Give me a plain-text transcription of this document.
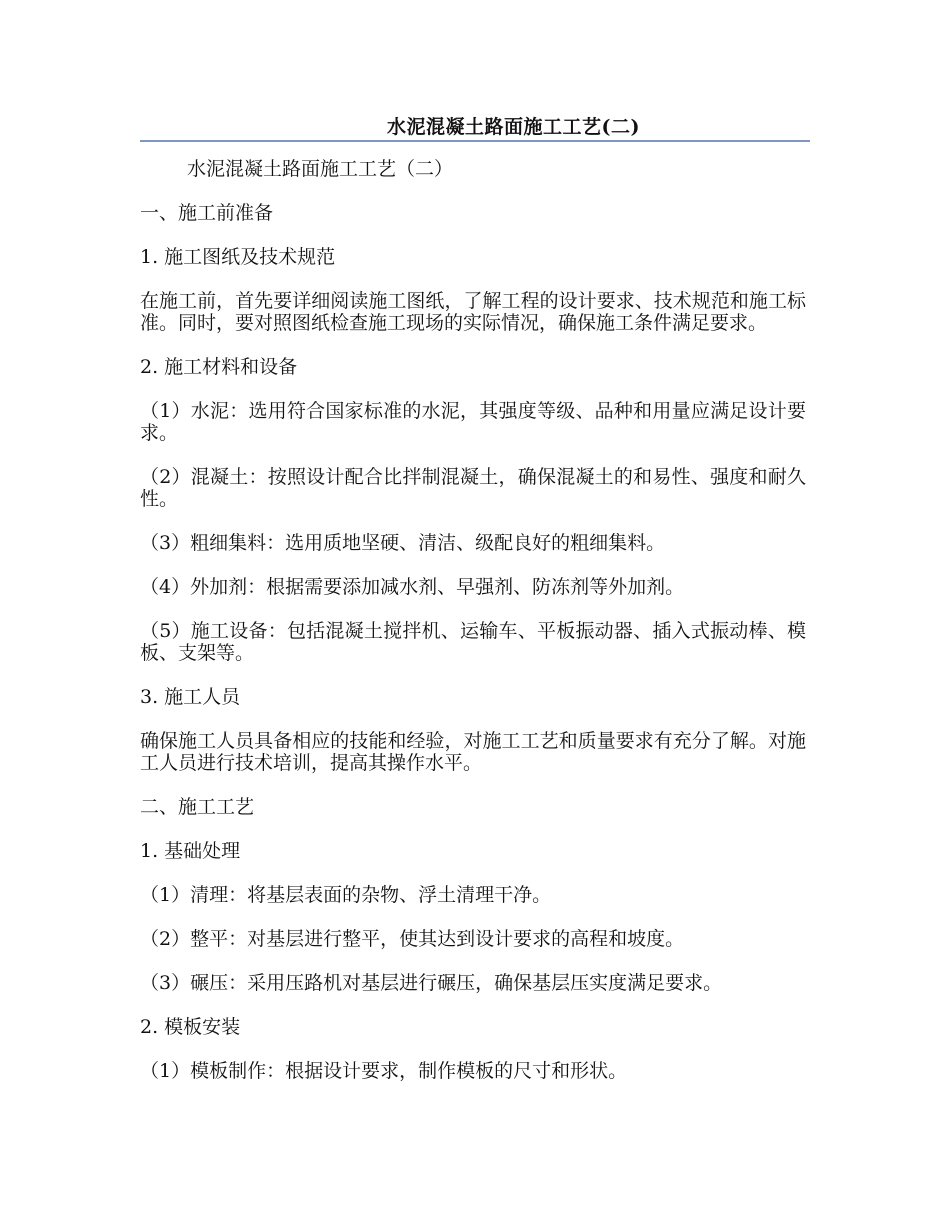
水泥混凝土路面施工工艺(二)

水泥混凝土路面施工工艺（二）

一、施工前准备

1. 施工图纸及技术规范

在施工前，首先要详细阅读施工图纸，了解工程的设计要求、技术规范和施工标准。同时，要对照图纸检查施工现场的实际情况，确保施工条件满足要求。

2. 施工材料和设备

（1）水泥：选用符合国家标准的水泥，其强度等级、品种和用量应满足设计要求。

（2）混凝土：按照设计配合比拌制混凝土，确保混凝土的和易性、强度和耐久性。

（3）粗细集料：选用质地坚硬、清洁、级配良好的粗细集料。

（4）外加剂：根据需要添加减水剂、早强剂、防冻剂等外加剂。

（5）施工设备：包括混凝土搅拌机、运输车、平板振动器、插入式振动棒、模板、支架等。

3. 施工人员

确保施工人员具备相应的技能和经验，对施工工艺和质量要求有充分了解。对施工人员进行技术培训，提高其操作水平。

二、施工工艺

1. 基础处理

（1）清理：将基层表面的杂物、浮土清理干净。

（2）整平：对基层进行整平，使其达到设计要求的高程和坡度。

（3）碾压：采用压路机对基层进行碾压，确保基层压实度满足要求。

2. 模板安装

（1）模板制作：根据设计要求，制作模板的尺寸和形状。
